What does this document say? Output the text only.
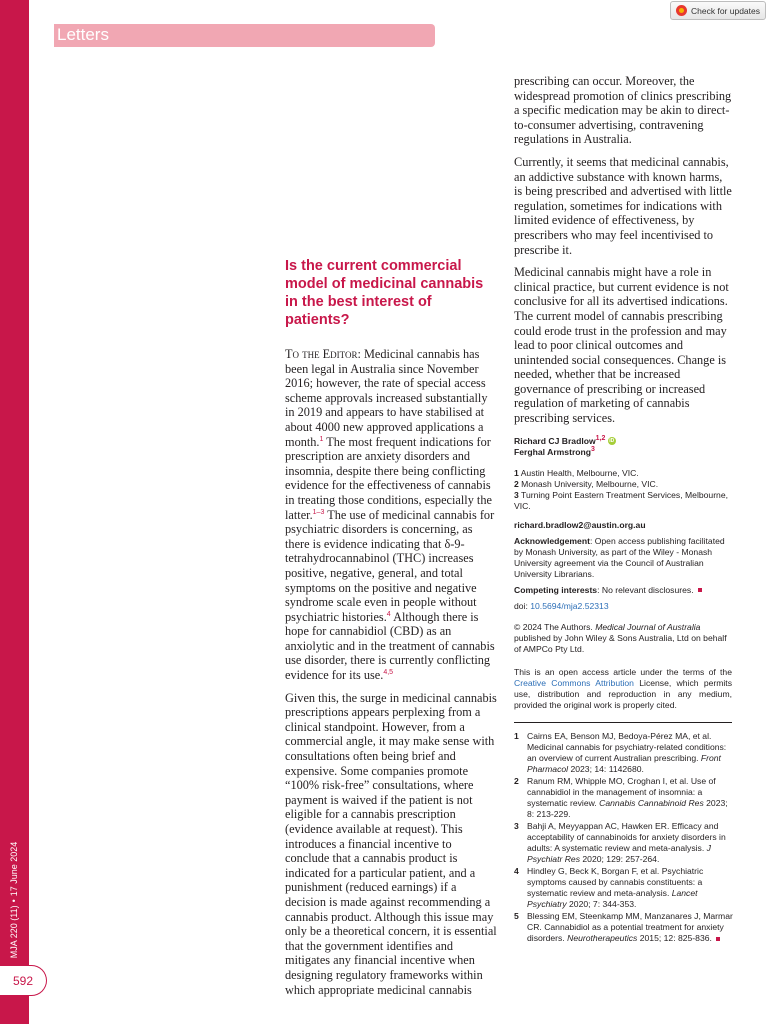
MJA 220 (11)•17 June 2024
592
Letters
Check for updates
Is the current commercial model of medicinal cannabis in the best interest of patients?

To the Editor: Medicinal cannabis has been legal in Australia since November 2016; however, the rate of special access scheme approvals increased substantially in 2019 and appears to have stabilised at about 4000 new approved applications a month.$^1$ The most frequent indications for prescription are anxiety disorders and insomnia, despite there being conflicting evidence for the effectiveness of cannabis in treating those conditions, especially the latter.$^{1-3}$ The use of medicinal cannabis for psychiatric disorders is concerning, as there is evidence indicating that δ-9-tetrahydrocannabinol (THC) increases positive, negative, general, and total symptoms on the positive and negative syndrome scale even in people without psychiatric histories.$^4$ Although there is hope for cannabidiol (CBD) as an anxiolytic and in the treatment of cannabis use disorder, there is currently conflicting evidence for its use.$^{4,5}$

Given this, the surge in medicinal cannabis prescriptions appears perplexing from a clinical standpoint. However, from a commercial angle, it may make sense with consultations often being brief and expensive. Some companies promote “100% risk-free” consultations, where payment is waived if the patient is not eligible for a cannabis prescription (evidence available at request). This introduces a financial incentive to conclude that a cannabis product is indicated for a particular patient, and a punishment (reduced earnings) if a decision is made against recommending a cannabis product. Although this issue may only be a theoretical concern, it is essential that the government identifies and mitigates any financial incentive when designing regulatory frameworks within which appropriate medicinal cannabis

prescribing can occur. Moreover, the widespread promotion of clinics prescribing a specific medication may be akin to direct-to-consumer advertising, contravening regulations in Australia.

Currently, it seems that medicinal cannabis, an addictive substance with known harms, is being prescribed and advertised with little regulation, sometimes for indications with limited evidence of effectiveness, by prescribers who may feel incentivised to prescribe it.

Medicinal cannabis might have a role in clinical practice, but current evidence is not conclusive for all its advertised indications. The current model of cannabis prescribing could erode trust in the profession and may lead to poor clinical outcomes and unintended social consequences. Change is needed, whether that be increased governance of prescribing or increased regulation of marketing of cannabis prescribing services.

Richard CJ Bradlow$^{1,2}$ iD
Ferghal Armstrong$^3$
1 Austin Health, Melbourne, VIC.
2 Monash University, Melbourne, VIC.
3 Turning Point Eastern Treatment Services, Melbourne, VIC.
richard.bradlow2@austin.org.au
Acknowledgement: Open access publishing facilitated by Monash University, as part of the Wiley - Monash University agreement via the Council of Australian University Librarians.
Competing interests: No relevant disclosures.
doi: 10.5694/mja2.52313
© 2024 The Authors. Medical Journal of Australia published by John Wiley & Sons Australia, Ltd on behalf of AMPCo Pty Ltd.
This is an open access article under the terms of the Creative Commons Attribution License, which permits use, distribution and reproduction in any medium, provided the original work is properly cited.
1 Cairns EA, Benson MJ, Bedoya-Pérez MA, et al. Medicinal cannabis for psychiatry-related conditions: an overview of current Australian prescribing. Front Pharmacol 2023; 14: 1142680.
2 Ranum RM, Whipple MO, Croghan I, et al. Use of cannabidiol in the management of insomnia: a systematic review. Cannabis Cannabinoid Res 2023; 8: 213-229.
3 Bahji A, Meyyappan AC, Hawken ER. Efficacy and acceptability of cannabinoids for anxiety disorders in adults: A systematic review and meta-analysis. J Psychiatr Res 2020; 129: 257-264.
4 Hindley G, Beck K, Borgan F, et al. Psychiatric symptoms caused by cannabis constituents: a systematic review and meta-analysis. Lancet Psychiatry 2020; 7: 344-353.
5 Blessing EM, Steenkamp MM, Manzanares J, Marmar CR. Cannabidiol as a potential treatment for anxiety disorders. Neurotherapeutics 2015; 12: 825-836.
